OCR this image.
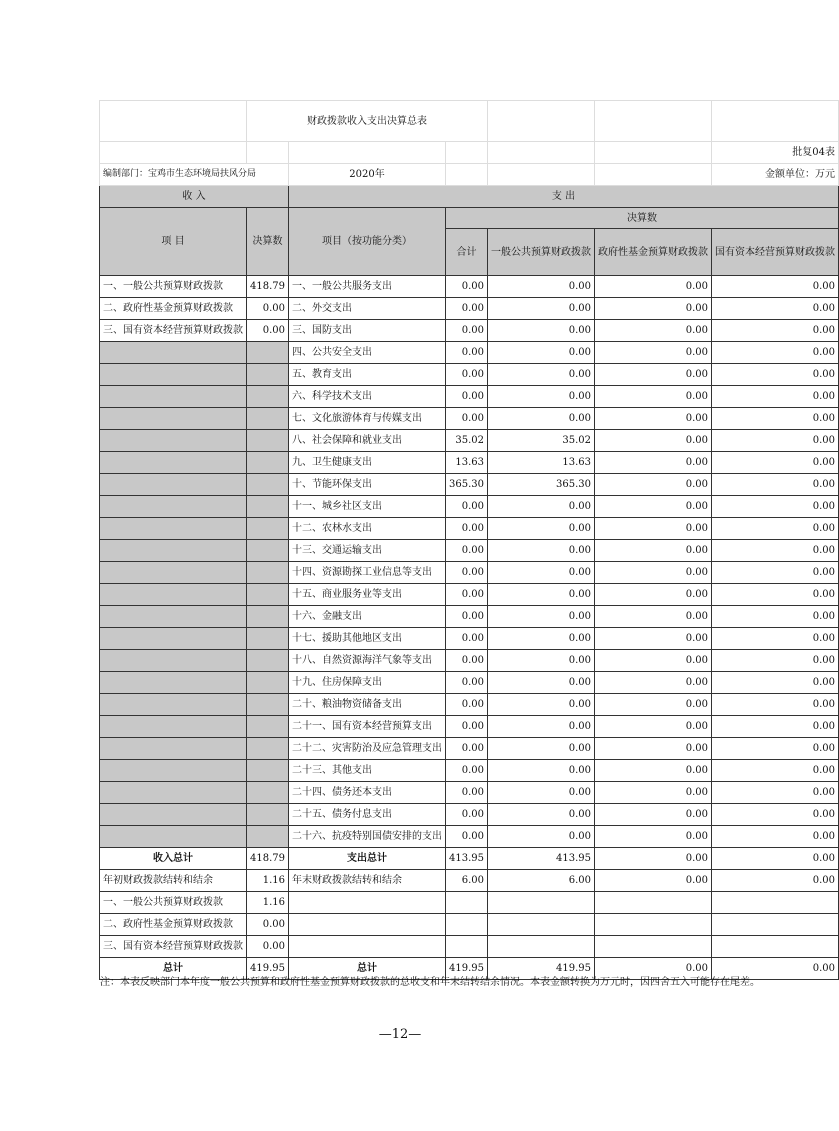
	财政拨款收入支出决算总表					
						批复04表
编制部门：宝鸡市生态环境局扶风分局		2020年				金额单位：万元
收 入		支 出				
项 目	决算数	项目（按功能分类）	决算数			
			合计	一般公共预算财政拨款	政府性基金预算财政拨款	国有资本经营预算财政拨款
一、一般公共预算财政拨款	418.79	一、一般公共服务支出	0.00	0.00	0.00	0.00
二、政府性基金预算财政拨款	0.00	二、外交支出	0.00	0.00	0.00	0.00
三、国有资本经营预算财政拨款	0.00	三、国防支出	0.00	0.00	0.00	0.00
		四、公共安全支出	0.00	0.00	0.00	0.00
		五、教育支出	0.00	0.00	0.00	0.00
		六、科学技术支出	0.00	0.00	0.00	0.00
		七、文化旅游体育与传媒支出	0.00	0.00	0.00	0.00
		八、社会保障和就业支出	35.02	35.02	0.00	0.00
		九、卫生健康支出	13.63	13.63	0.00	0.00
		十、节能环保支出	365.30	365.30	0.00	0.00
		十一、城乡社区支出	0.00	0.00	0.00	0.00
		十二、农林水支出	0.00	0.00	0.00	0.00
		十三、交通运输支出	0.00	0.00	0.00	0.00
		十四、资源勘探工业信息等支出	0.00	0.00	0.00	0.00
		十五、商业服务业等支出	0.00	0.00	0.00	0.00
		十六、金融支出	0.00	0.00	0.00	0.00
		十七、援助其他地区支出	0.00	0.00	0.00	0.00
		十八、自然资源海洋气象等支出	0.00	0.00	0.00	0.00
		十九、住房保障支出	0.00	0.00	0.00	0.00
		二十、粮油物资储备支出	0.00	0.00	0.00	0.00
		二十一、国有资本经营预算支出	0.00	0.00	0.00	0.00
		二十二、灾害防治及应急管理支出	0.00	0.00	0.00	0.00
		二十三、其他支出	0.00	0.00	0.00	0.00
		二十四、债务还本支出	0.00	0.00	0.00	0.00
		二十五、债务付息支出	0.00	0.00	0.00	0.00
		二十六、抗疫特别国债安排的支出	0.00	0.00	0.00	0.00
收入总计	418.79	支出总计	413.95	413.95	0.00	0.00
年初财政拨款结转和结余	1.16	年末财政拨款结转和结余	6.00	6.00	0.00	0.00
一、一般公共预算财政拨款	1.16					
二、政府性基金预算财政拨款	0.00					
三、国有资本经营预算财政拨款	0.00					
总计	419.95	总计	419.95	419.95	0.00	0.00
注：本表反映部门本年度一般公共预算和政府性基金预算财政拨款的总收支和年末结转结余情况。本表金额转换为万元时，因四舍五入可能存在尾差。
—12—
